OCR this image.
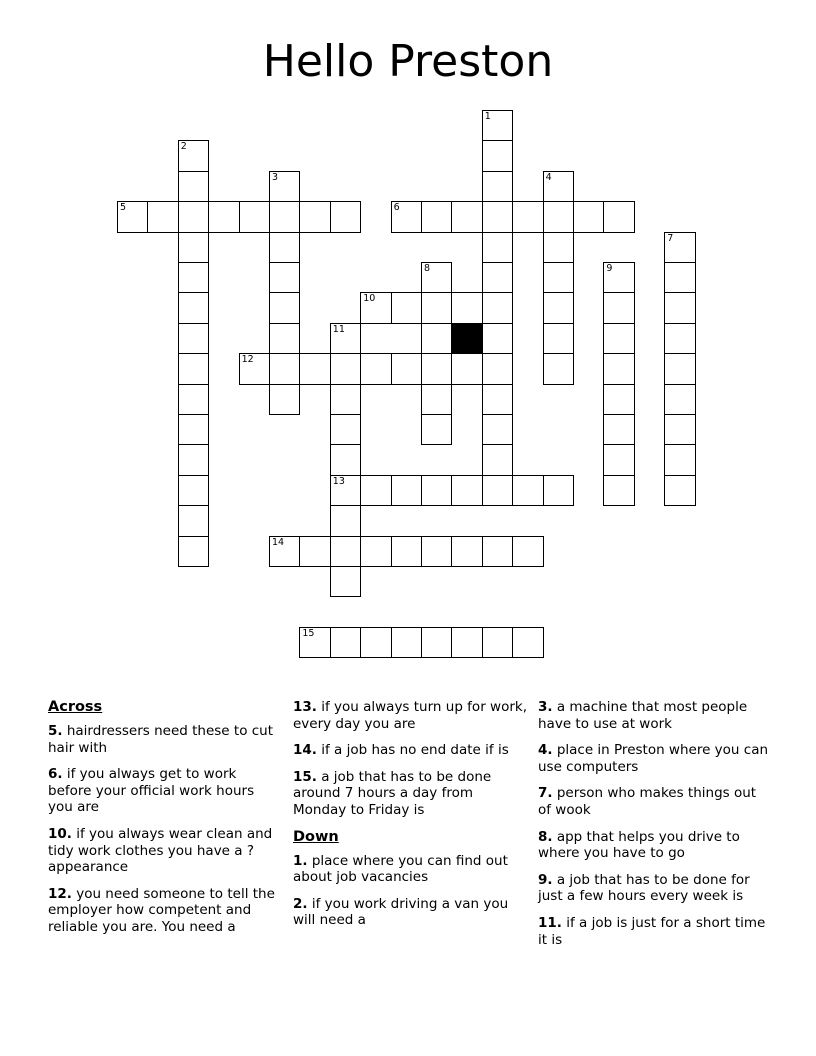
Hello Preston
1
2
3	4
5	6
7
8	9
10
11
13
12
14
15
Across
5. hairdressers need these to cut hair with
6. if you always get to work before your official work hours you are
10. if you always wear clean and tidy work clothes you have a ? appearance
12. you need someone to tell the employer how competent and reliable you are. You need a
13. if you always turn up for work, every day you are
14. if a job has no end date if is
15. a job that has to be done around 7 hours a day from Monday to Friday is
Down
1. place where you can find out about job vacancies
2. if you work driving a van you will need a
3. a machine that most people have to use at work
4. place in Preston where you can use computers
7. person who makes things out of wook
8. app that helps you drive to where you have to go
9. a job that has to be done for just a few hours every week is
11. if a job is just for a short time it is
